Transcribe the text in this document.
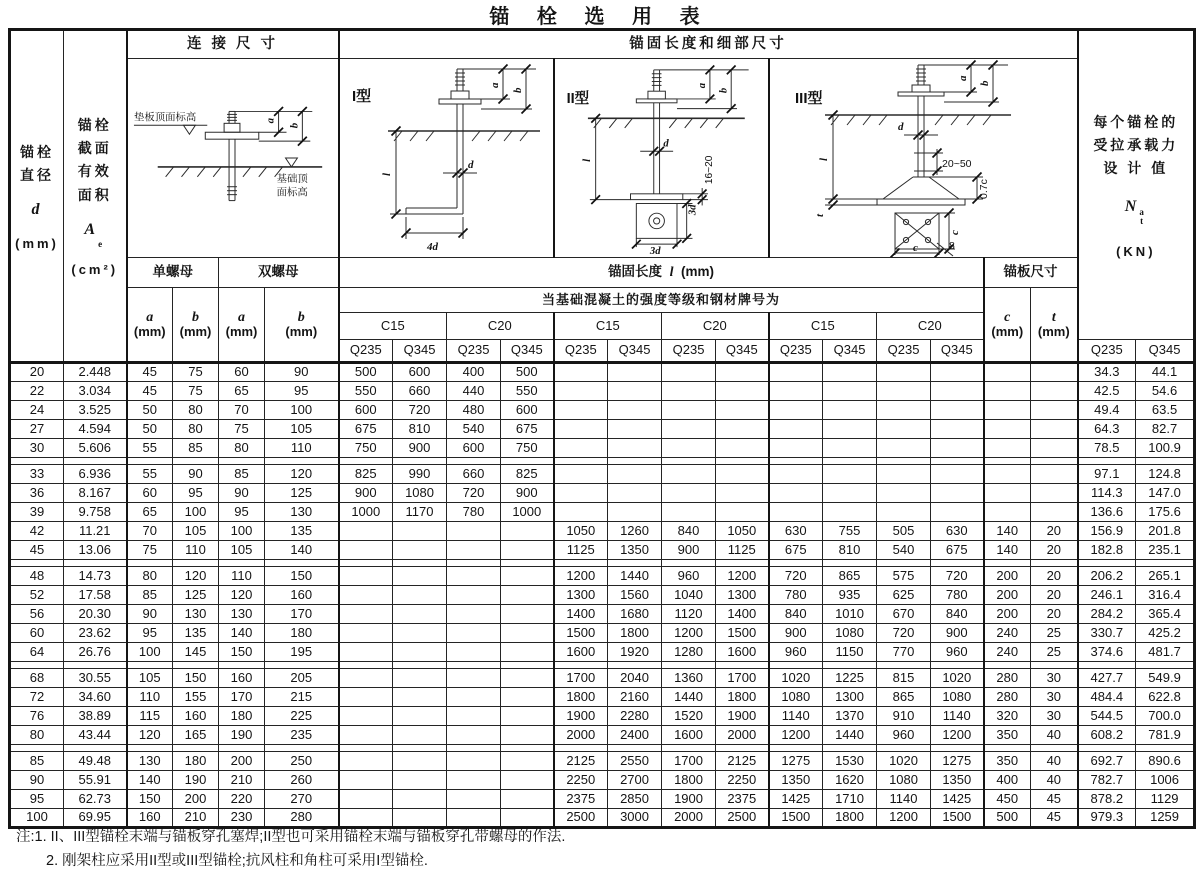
锚 栓 选 用 表
锚栓
直径
d
(mm)

锚栓
截面
有效
面积
A

e
(cm²)
	连 接 尺 寸	锚固长度和细部尺寸	
每个锚栓的
受拉承载力
设 计 值
N a
t
(KN)

垫板顶面标高
基础顶
面标高
a
b

I型
l
d
4d
a
b

II型
l
d
16~20
3d
3d
a
b	III型
l
t
d
20~50
0.7c
c
c	8
a
b

		单螺母		双螺母		锚固长度 l (mm)												锚板尺寸			

		a
(mm)	b
(mm)	a
(mm)	b
(mm)	当基础混凝土的强度等级和钢材牌号为												c
(mm)	t
(mm)		

						C15		C20		C15		C20		C15		C20					
						Q235	Q345	Q235	Q345	Q235	Q345	Q235	Q345	Q235	Q345	Q235	Q345			Q235	Q345
20	2.448	45	75	60	90	500	600	400	500											34.3	44.1
22	3.034	45	75	65	95	550	660	440	550											42.5	54.6
24	3.525	50	80	70	100	600	720	480	600											49.4	63.5
27	4.594	50	80	75	105	675	810	540	675											64.3	82.7
30	5.606	55	85	80	110	750	900	600	750											78.5	100.9

33	6.936	55	90	85	120	825	990	660	825											97.1	124.8
36	8.167	60	95	90	125	900	1080	720	900											114.3	147.0
39	9.758	65	100	95	130	1000	1170	780	1000											136.6	175.6
42	11.21	70	105	100	135					1050	1260	840	1050	630	755	505	630	140	20	156.9	201.8
45	13.06	75	110	105	140					1125	1350	900	1125	675	810	540	675	140	20	182.8	235.1

48	14.73	80	120	110	150					1200	1440	960	1200	720	865	575	720	200	20	206.2	265.1
52	17.58	85	125	120	160					1300	1560	1040	1300	780	935	625	780	200	20	246.1	316.4
56	20.30	90	130	130	170					1400	1680	1120	1400	840	1010	670	840	200	20	284.2	365.4
60	23.62	95	135	140	180					1500	1800	1200	1500	900	1080	720	900	240	25	330.7	425.2
64	26.76	100	145	150	195					1600	1920	1280	1600	960	1150	770	960	240	25	374.6	481.7

68	30.55	105	150	160	205					1700	2040	1360	1700	1020	1225	815	1020	280	30	427.7	549.9
72	34.60	110	155	170	215					1800	2160	1440	1800	1080	1300	865	1080	280	30	484.4	622.8
76	38.89	115	160	180	225					1900	2280	1520	1900	1140	1370	910	1140	320	30	544.5	700.0
80	43.44	120	165	190	235					2000	2400	1600	2000	1200	1440	960	1200	350	40	608.2	781.9

85	49.48	130	180	200	250					2125	2550	1700	2125	1275	1530	1020	1275	350	40	692.7	890.6
90	55.91	140	190	210	260					2250	2700	1800	2250	1350	1620	1080	1350	400	40	782.7	1006
95	62.73	150	200	220	270					2375	2850	1900	2375	1425	1710	1140	1425	450	45	878.2	1129
100	69.95	160	210	230	280					2500	3000	2000	2500	1500	1800	1200	1500	500	45	979.3	1259
注:1. II、III型锚栓末端与锚板穿孔塞焊;II型也可采用锚栓末端与锚板穿孔带螺母的作法.
2. 刚架柱应采用II型或III型锚栓;抗风柱和角柱可采用I型锚栓.
